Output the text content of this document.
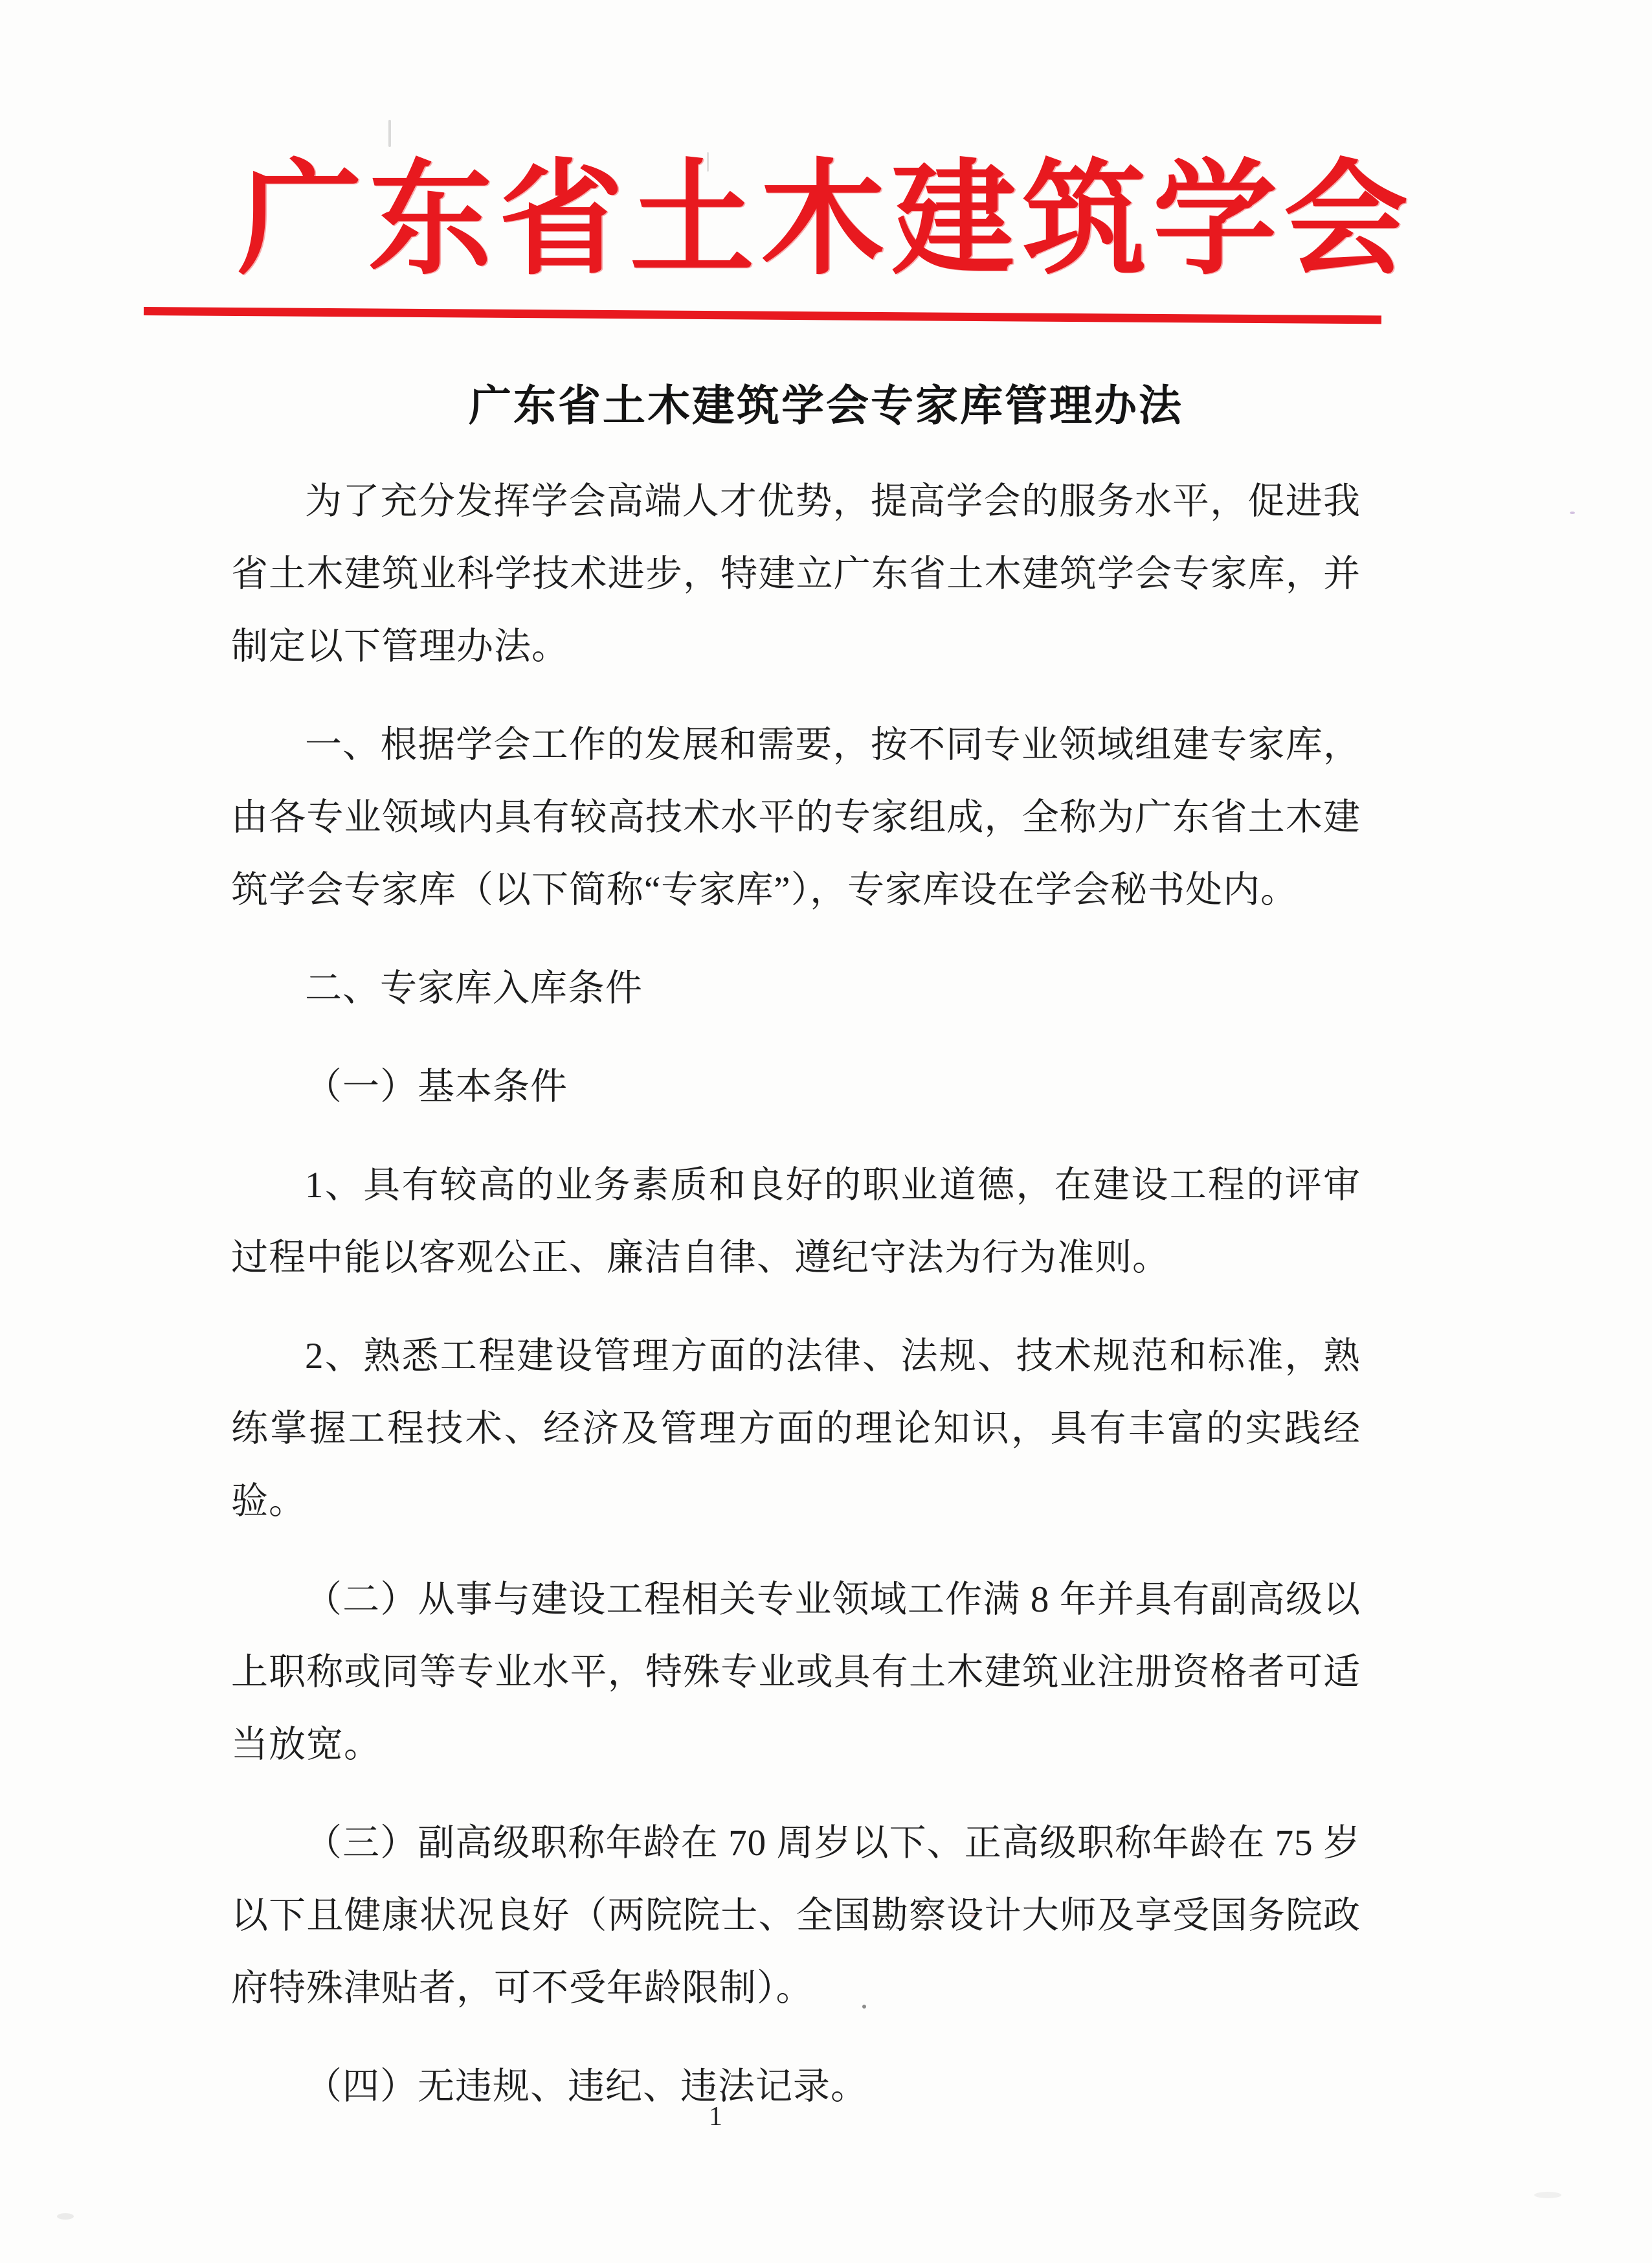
广东省土木建筑学会
广东省土木建筑学会专家库管理办法

为了充分发挥学会高端人才优势，提高学会的服务水平，促进我省土木建筑业科学技术进步，特建立广东省土木建筑学会专家库，并制定以下管理办法。

一、根据学会工作的发展和需要，按不同专业领域组建专家库，由各专业领域内具有较高技术水平的专家组成，全称为广东省土木建筑学会专家库（以下简称“专家库”），专家库设在学会秘书处内。

二、专家库入库条件

（一）基本条件

1、具有较高的业务素质和良好的职业道德，在建设工程的评审过程中能以客观公正、廉洁自律、遵纪守法为行为准则。

2、熟悉工程建设管理方面的法律、法规、技术规范和标准，熟练掌握工程技术、经济及管理方面的理论知识，具有丰富的实践经验。

（二）从事与建设工程相关专业领域工作满 8 年并具有副高级以上职称或同等专业水平，特殊专业或具有土木建筑业注册资格者可适当放宽。

（三）副高级职称年龄在 70 周岁以下、正高级职称年龄在 75 岁以下且健康状况良好（两院院士、全国勘察设计大师及享受国务院政府特殊津贴者，可不受年龄限制）。

（四）无违规、违纪、违法记录。

1
